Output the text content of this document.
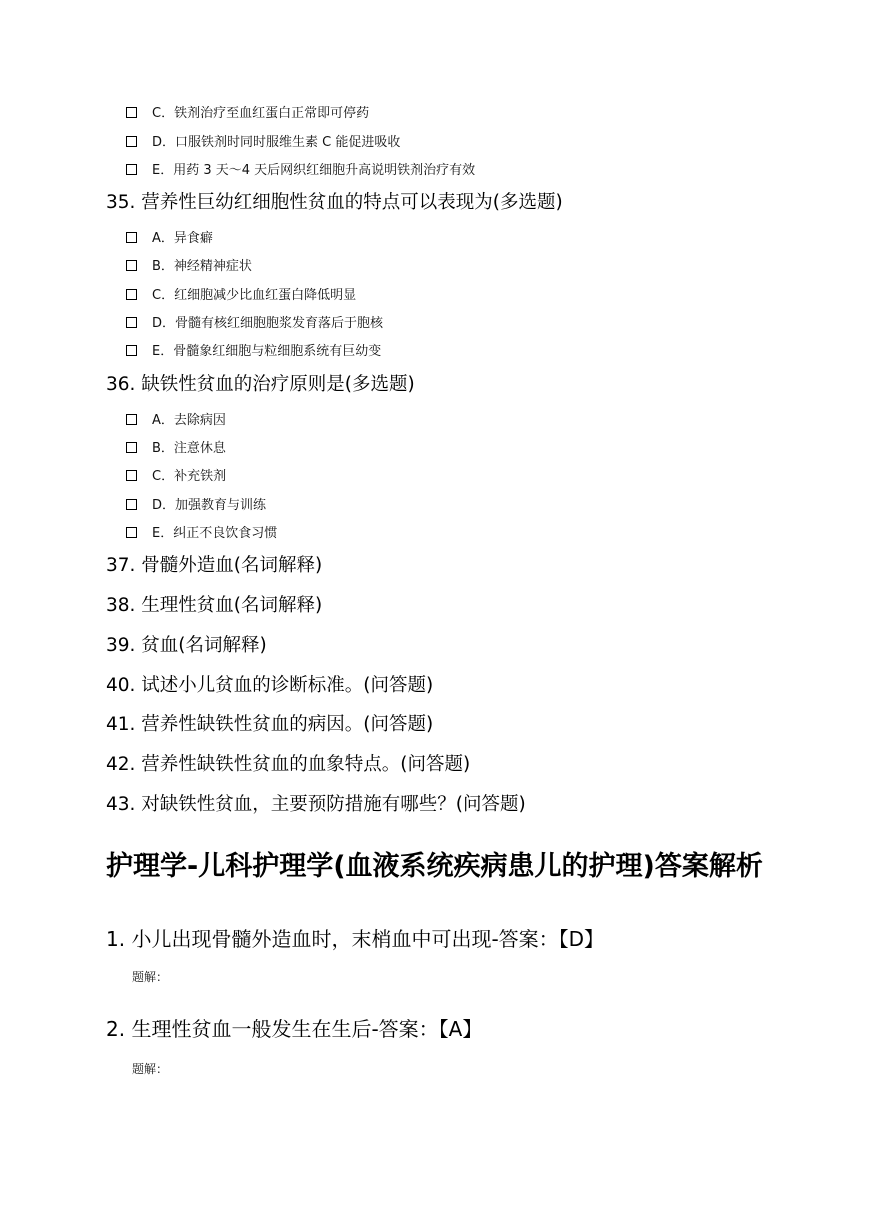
C．铁剂治疗至血红蛋白正常即可停药
D．口服铁剂时同时服维生素 C 能促进吸收
E．用药 3 天～4 天后网织红细胞升高说明铁剂治疗有效
35. 营养性巨幼红细胞性贫血的特点可以表现为(多选题)
A．异食癖
B．神经精神症状
C．红细胞减少比血红蛋白降低明显
D．骨髓有核红细胞胞浆发育落后于胞核
E．骨髓象红细胞与粒细胞系统有巨幼变
36. 缺铁性贫血的治疗原则是(多选题)
A．去除病因
B．注意休息
C．补充铁剂
D．加强教育与训练
E．纠正不良饮食习惯
37. 骨髓外造血(名词解释)
38. 生理性贫血(名词解释)
39. 贫血(名词解释)
40. 试述小儿贫血的诊断标准。(问答题)
41. 营养性缺铁性贫血的病因。(问答题)
42. 营养性缺铁性贫血的血象特点。(问答题)
43. 对缺铁性贫血，主要预防措施有哪些？(问答题)
护理学-儿科护理学(血液系统疾病患儿的护理)答案解析
1. 小儿出现骨髓外造血时，末梢血中可出现-答案：【D】
题解：
2. 生理性贫血一般发生在生后-答案：【A】
题解：
